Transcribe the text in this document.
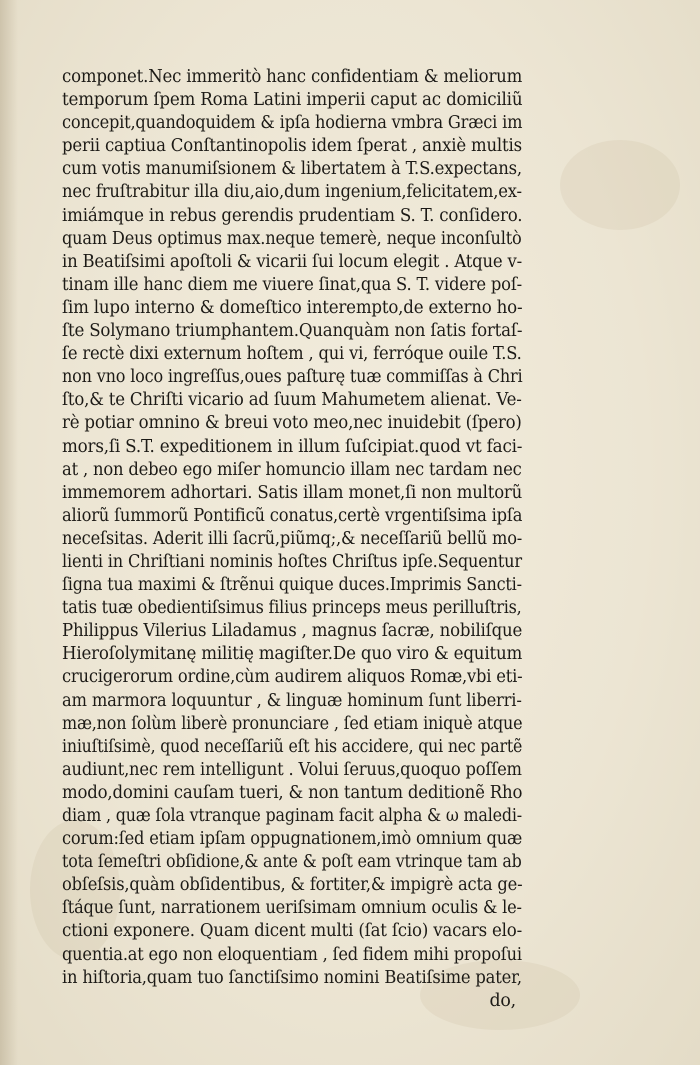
componet.Nec immeritò hanc confidentiam & meliorum
temporum ſpem Roma Latini imperii caput ac domiciliũ
concepit,quandoquidem & ipſa hodierna vmbra Græci im
perii captiua Conſtantinopolis idem ſperat , anxiè multis
cum votis manumiſsionem & libertatem à T.S.expectans,
nec fruſtrabitur illa diu,aio,dum ingenium,felicitatem,ex-
imiámque in rebus gerendis prudentiam S. T. conſidero.
quam Deus optimus max.neque temerè, neque inconſultò
in Beatiſsimi apoſtoli & vicarii ſui locum elegit . Atque v-
tinam ille hanc diem me viuere ſinat,qua S. T. videre poſ-
ſim lupo interno & domeſtico interempto,de externo ho-
ſte Solymano triumphantem.Quanquàm non ſatis fortaſ-
ſe rectè dixi externum hoſtem , qui vi, ferróque ouile T.S.
non vno loco ingreſſus,oues paſturę tuæ commiſſas à Chri
ſto,& te Chriſti vicario ad ſuum Mahumetem alienat. Ve-
rè potiar omnino & breui voto meo,nec inuidebit (ſpero)
mors,ſi S.T. expeditionem in illum ſuſcipiat.quod vt faci-
at , non debeo ego miſer homuncio illam nec tardam nec
immemorem adhortari. Satis illam monet,ſi non multorũ
aliorũ ſummorũ Pontificũ conatus,certè vrgentiſsima ipſa
neceſsitas. Aderit illi ſacrũ,piũmq;,& neceſſariũ bellũ mo-
lienti in Chriſtiani nominis hoſtes Chriſtus ipſe.Sequentur
ſigna tua maximi & ſtrẽnui quique duces.Imprimis Sancti-
tatis tuæ obedientiſsimus filius princeps meus perilluſtris,
Philippus Vilerius Liladamus , magnus ſacræ, nobiliſque
Hieroſolymitanę militię magiſter.De quo viro & equitum
crucigerorum ordine,cùm audirem aliquos Romæ,vbi eti-
am marmora loquuntur , & linguæ hominum ſunt liberri-
mæ,non ſolùm liberè pronunciare , ſed etiam iniquè atque
iniuſtiſsimè, quod neceſſariũ eſt his accidere, qui nec partẽ
audiunt,nec rem intelligunt . Volui ſeruus,quoquo poſſem
modo,domini cauſam tueri, & non tantum deditionẽ Rho
diam , quæ ſola vtranque paginam facit alpha & ω maledi-
corum:ſed etiam ipſam oppugnationem,imò omnium quæ
tota ſemeſtri obſidione,& ante & poſt eam vtrinque tam ab
obſeſsis,quàm obſidentibus, & fortiter,& impigrè acta ge-
ſtáque ſunt, narrationem ueriſsimam omnium oculis & le-
ctioni exponere. Quam dicent multi (ſat ſcio) vacars elo-
quentia.at ego non eloquentiam , ſed fidem mihi propoſui
in hiſtoria,quam tuo ſanctiſsimo nomini Beatiſsime pater,
do,
